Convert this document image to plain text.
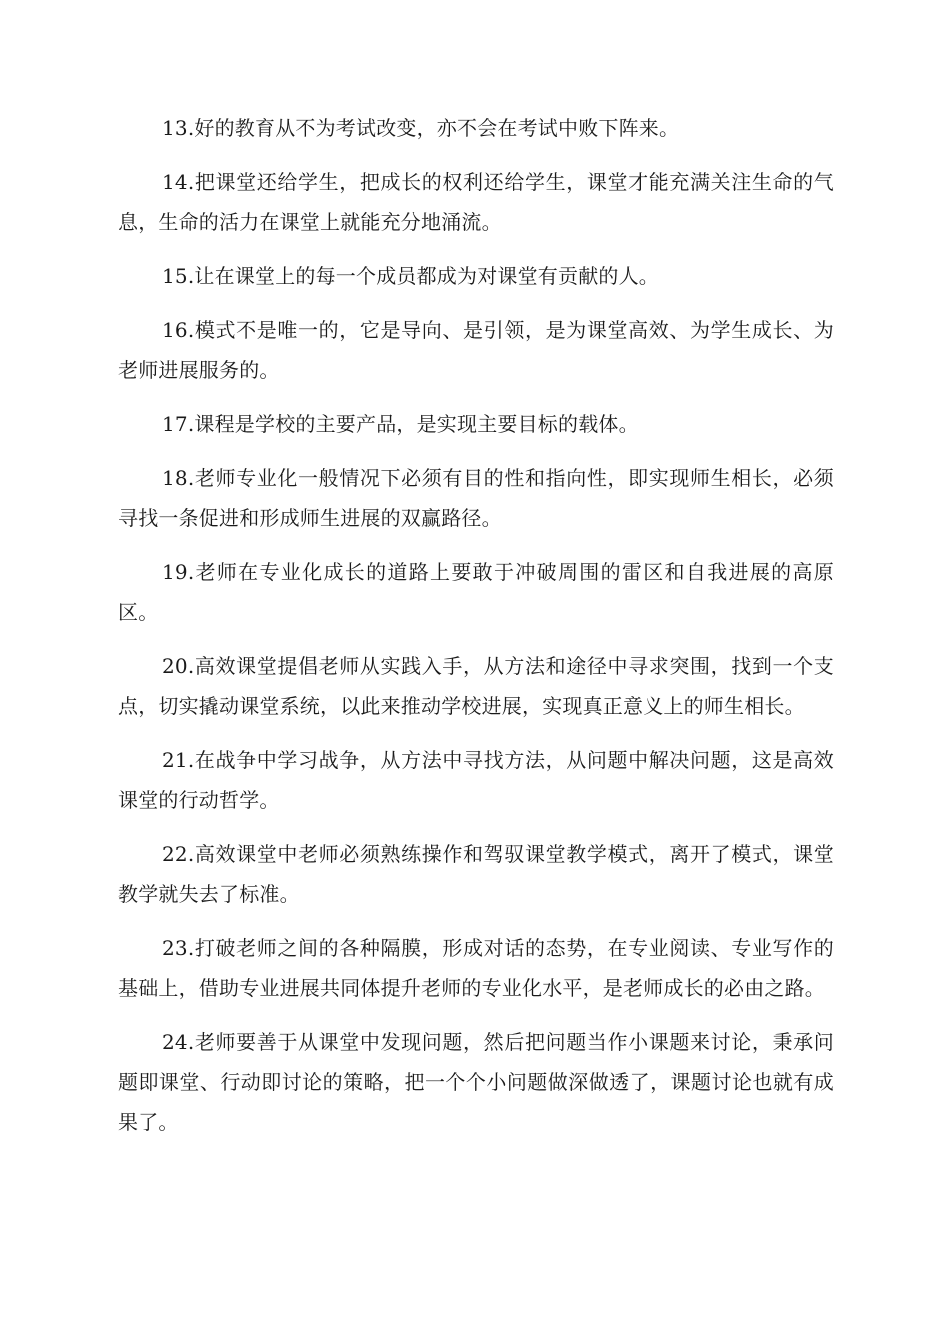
13.好的教育从不为考试改变，亦不会在考试中败下阵来。

14.把课堂还给学生，把成长的权利还给学生，课堂才能充满关注生命的气息，生命的活力在课堂上就能充分地涌流。

15.让在课堂上的每一个成员都成为对课堂有贡献的人。

16.模式不是唯一的，它是导向、是引领，是为课堂高效、为学生成长、为老师进展服务的。

17.课程是学校的主要产品，是实现主要目标的载体。

18.老师专业化一般情况下必须有目的性和指向性，即实现师生相长，必须寻找一条促进和形成师生进展的双赢路径。

19.老师在专业化成长的道路上要敢于冲破周围的雷区和自我进展的高原区。

20.高效课堂提倡老师从实践入手，从方法和途径中寻求突围，找到一个支点，切实撬动课堂系统，以此来推动学校进展，实现真正意义上的师生相长。

21.在战争中学习战争，从方法中寻找方法，从问题中解决问题，这是高效课堂的行动哲学。

22.高效课堂中老师必须熟练操作和驾驭课堂教学模式，离开了模式，课堂教学就失去了标准。

23.打破老师之间的各种隔膜，形成对话的态势，在专业阅读、专业写作的基础上，借助专业进展共同体提升老师的专业化水平，是老师成长的必由之路。

24.老师要善于从课堂中发现问题，然后把问题当作小课题来讨论，秉承问题即课堂、行动即讨论的策略，把一个个小问题做深做透了，课题讨论也就有成果了。
